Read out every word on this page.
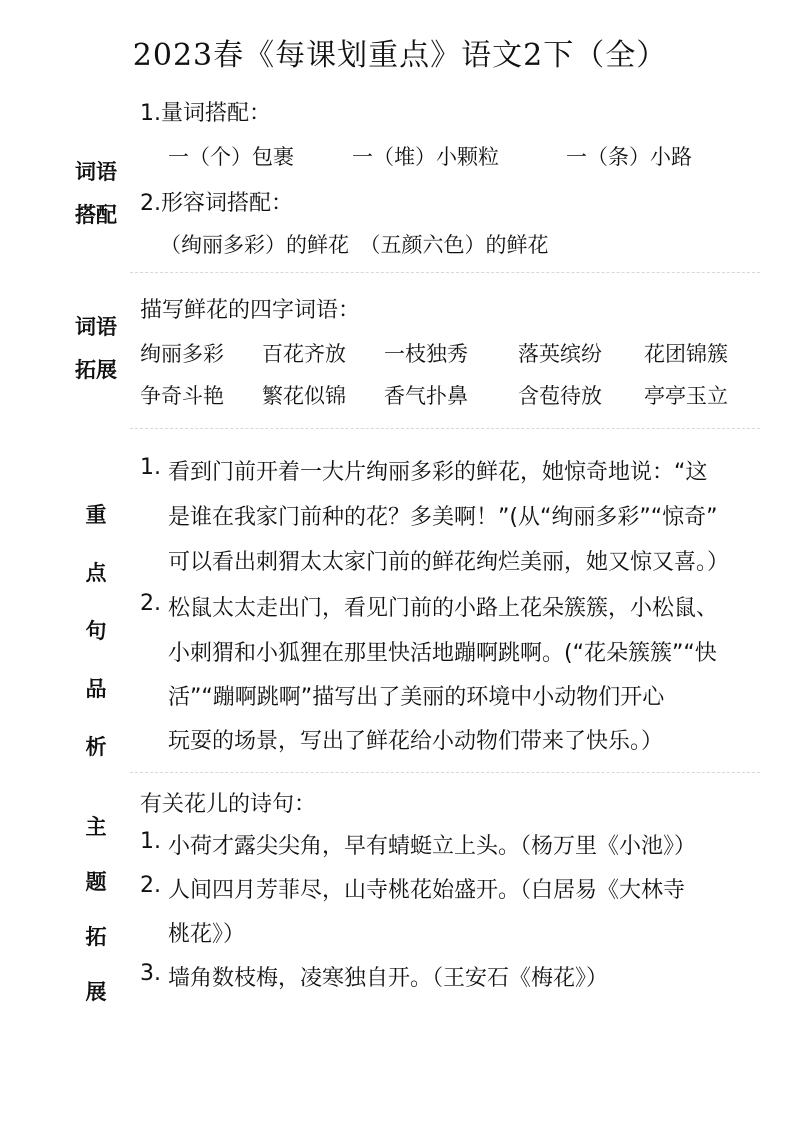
2023春《每课划重点》语文2下（全）
词语
搭配
1.量词搭配：
一（个）包裹	一（堆）小颗粒	一（条）小路
2.形容词搭配：
（绚丽多彩）的鲜花　（五颜六色）的鲜花
词语
拓展
描写鲜花的四字词语：
绚丽多彩 百花齐放 一枝独秀 落英缤纷 花团锦簇
争奇斗艳 繁花似锦 香气扑鼻 含苞待放 亭亭玉立
重
点
句
品
析
1. 看到门前开着一大片绚丽多彩的鲜花，她惊奇地说：“这
是谁在我家门前种的花？多美啊！”(从“绚丽多彩”“惊奇”
可以看出刺猬太太家门前的鲜花绚烂美丽，她又惊又喜。）
2. 松鼠太太走出门，看见门前的小路上花朵簇簇，小松鼠、
小刺猬和小狐狸在那里快活地蹦啊跳啊。(“花朵簇簇”“快
活”“蹦啊跳啊”描写出了美丽的环境中小动物们开心
玩耍的场景，写出了鲜花给小动物们带来了快乐。）
主
题
拓
展
有关花儿的诗句：
1. 小荷才露尖尖角，早有蜻蜓立上头。（杨万里《小池》）
2. 人间四月芳菲尽，山寺桃花始盛开。（白居易《大林寺
桃花》）
3. 墙角数枝梅，凌寒独自开。（王安石《梅花》）
